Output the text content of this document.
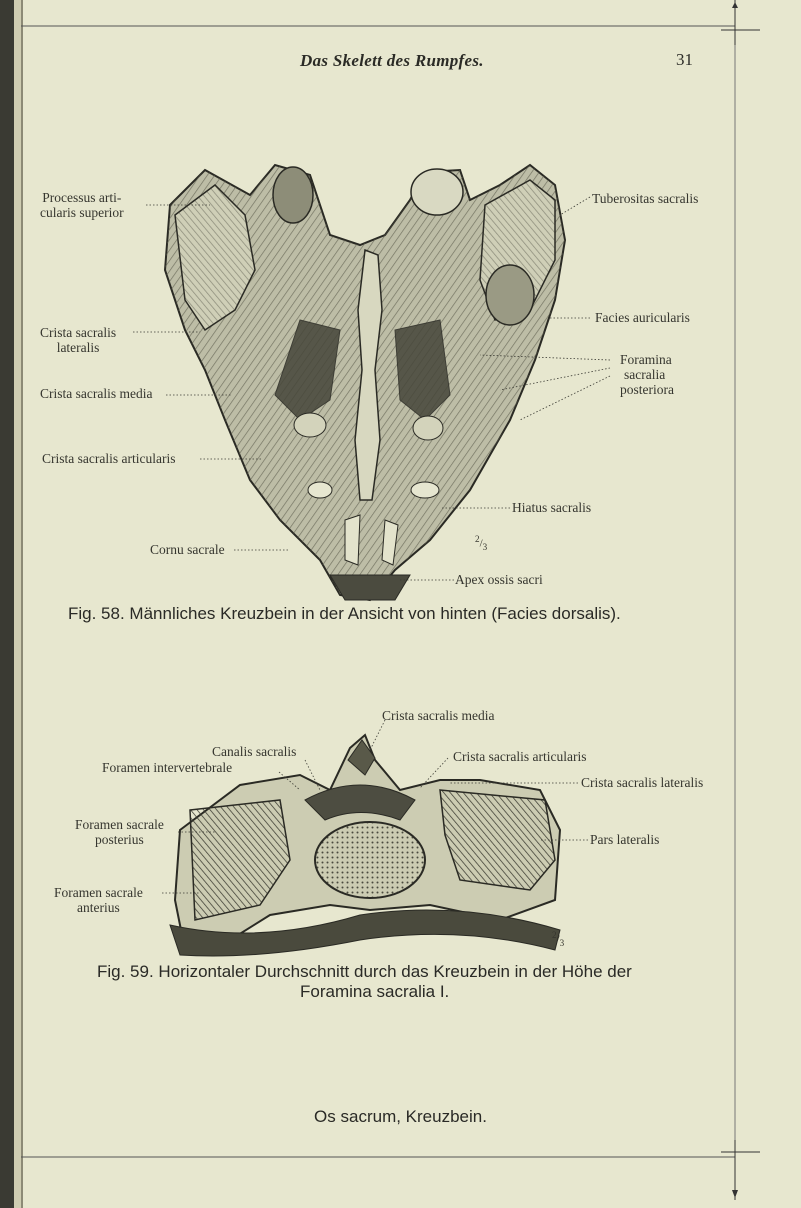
Das Skelett des Rumpfes.	31
Processus arti-
cularis superior
Crista sacralis
lateralis
Crista sacralis media
Crista sacralis articularis
Cornu sacrale
Tuberositas sacralis
Facies auricularis
Foramina
sacralia
posteriora
Hiatus sacralis
Apex ossis sacri
$^2/_3$
Fig. 58. Männliches Kreuzbein in der Ansicht von hinten (Facies dorsalis).
Crista sacralis media
Canalis sacralis
Foramen intervertebrale
Crista sacralis articularis
Crista sacralis lateralis
Foramen sacrale
posterius	Pars lateralis
Foramen sacrale
anterius
$^2/_3$
Fig. 59. Horizontaler Durchschnitt durch das Kreuzbein in der Höhe der
Foramina sacralia I.
Os sacrum, Kreuzbein.
